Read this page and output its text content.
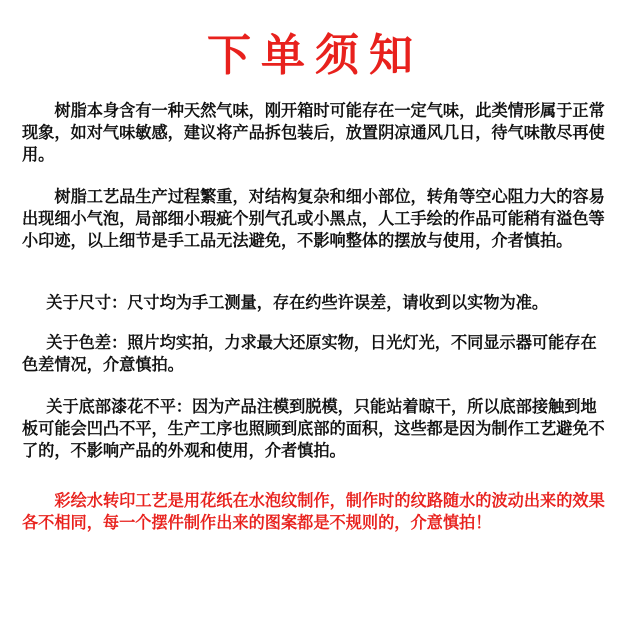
下单须知

树脂本身含有一种天然气味，刚开箱时可能存在一定气味，此类情形属于正常现象，如对气味敏感，建议将产品拆包装后，放置阴凉通风几日，待气味散尽再使用。

树脂工艺品生产过程繁重，对结构复杂和细小部位，转角等空心阻力大的容易出现细小气泡，局部细小瑕疵个别气孔或小黑点，人工手绘的作品可能稍有溢色等小印迹，以上细节是手工品无法避免，不影响整体的摆放与使用，介者慎拍。

关于尺寸：尺寸均为手工测量，存在约些许误差，请收到以实物为准。

关于色差：照片均实拍，力求最大还原实物，日光灯光，不同显示器可能存在色差情况，介意慎拍。

关于底部漆花不平：因为产品注模到脱模，只能站着晾干，所以底部接触到地板可能会凹凸不平，生产工序也照顾到底部的面积，这些都是因为制作工艺避免不了的，不影响产品的外观和使用，介者慎拍。

彩绘水转印工艺是用花纸在水泡纹制作，制作时的纹路随水的波动出来的效果各不相同，每一个摆件制作出来的图案都是不规则的，介意慎拍！
